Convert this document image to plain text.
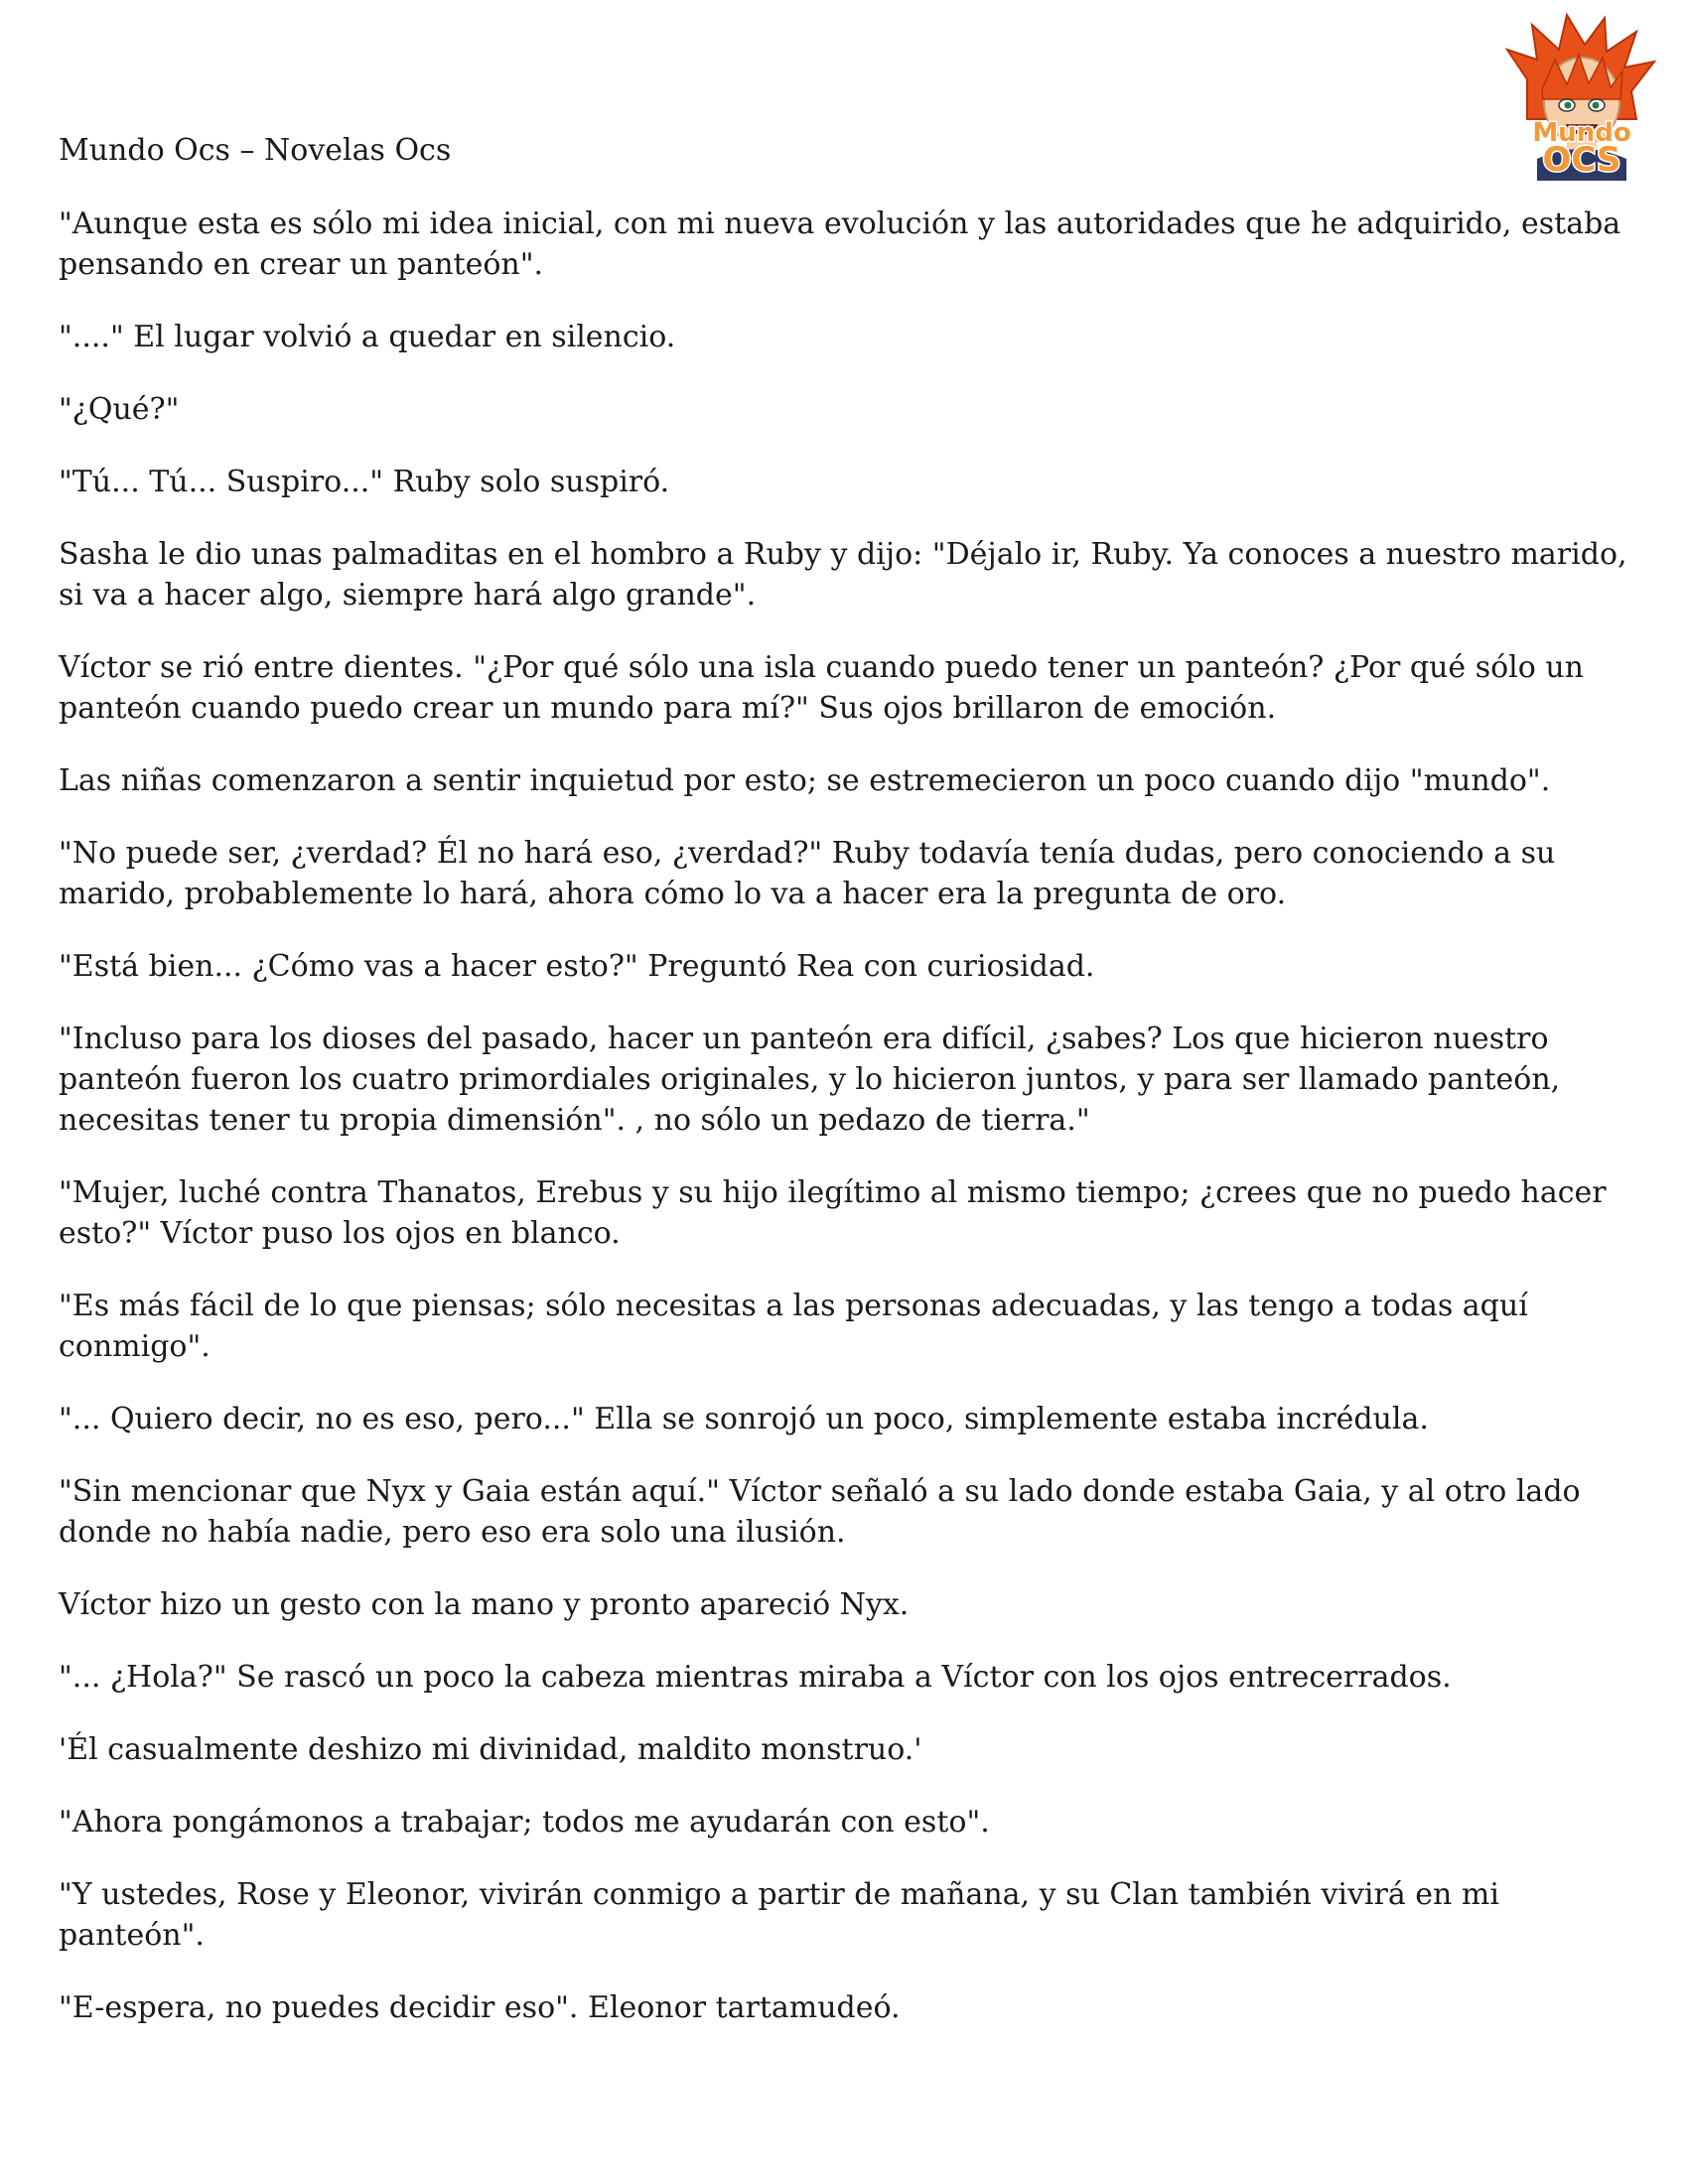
Mundo Ocs – Novelas Ocs	Mundo
OCS

"Aunque esta es sólo mi idea inicial, con mi nueva evolución y las autoridades que he adquirido, estaba pensando en crear un panteón".

"...." El lugar volvió a quedar en silencio.

"¿Qué?"

"Tú... Tú... Suspiro..." Ruby solo suspiró.

Sasha le dio unas palmaditas en el hombro a Ruby y dijo: "Déjalo ir, Ruby. Ya conoces a nuestro marido, si va a hacer algo, siempre hará algo grande".

Víctor se rió entre dientes. "¿Por qué sólo una isla cuando puedo tener un panteón? ¿Por qué sólo un panteón cuando puedo crear un mundo para mí?" Sus ojos brillaron de emoción.

Las niñas comenzaron a sentir inquietud por esto; se estremecieron un poco cuando dijo "mundo".

"No puede ser, ¿verdad? Él no hará eso, ¿verdad?" Ruby todavía tenía dudas, pero conociendo a su marido, probablemente lo hará, ahora cómo lo va a hacer era la pregunta de oro.

"Está bien... ¿Cómo vas a hacer esto?" Preguntó Rea con curiosidad.

"Incluso para los dioses del pasado, hacer un panteón era difícil, ¿sabes? Los que hicieron nuestro panteón fueron los cuatro primordiales originales, y lo hicieron juntos, y para ser llamado panteón, necesitas tener tu propia dimensión". , no sólo un pedazo de tierra."

"Mujer, luché contra Thanatos, Erebus y su hijo ilegítimo al mismo tiempo; ¿crees que no puedo hacer esto?" Víctor puso los ojos en blanco.

"Es más fácil de lo que piensas; sólo necesitas a las personas adecuadas, y las tengo a todas aquí conmigo".

"... Quiero decir, no es eso, pero..." Ella se sonrojó un poco, simplemente estaba incrédula.

"Sin mencionar que Nyx y Gaia están aquí." Víctor señaló a su lado donde estaba Gaia, y al otro lado donde no había nadie, pero eso era solo una ilusión.

Víctor hizo un gesto con la mano y pronto apareció Nyx.

"... ¿Hola?" Se rascó un poco la cabeza mientras miraba a Víctor con los ojos entrecerrados.

'Él casualmente deshizo mi divinidad, maldito monstruo.'

"Ahora pongámonos a trabajar; todos me ayudarán con esto".

"Y ustedes, Rose y Eleonor, vivirán conmigo a partir de mañana, y su Clan también vivirá en mi panteón".

"E-espera, no puedes decidir eso". Eleonor tartamudeó.
